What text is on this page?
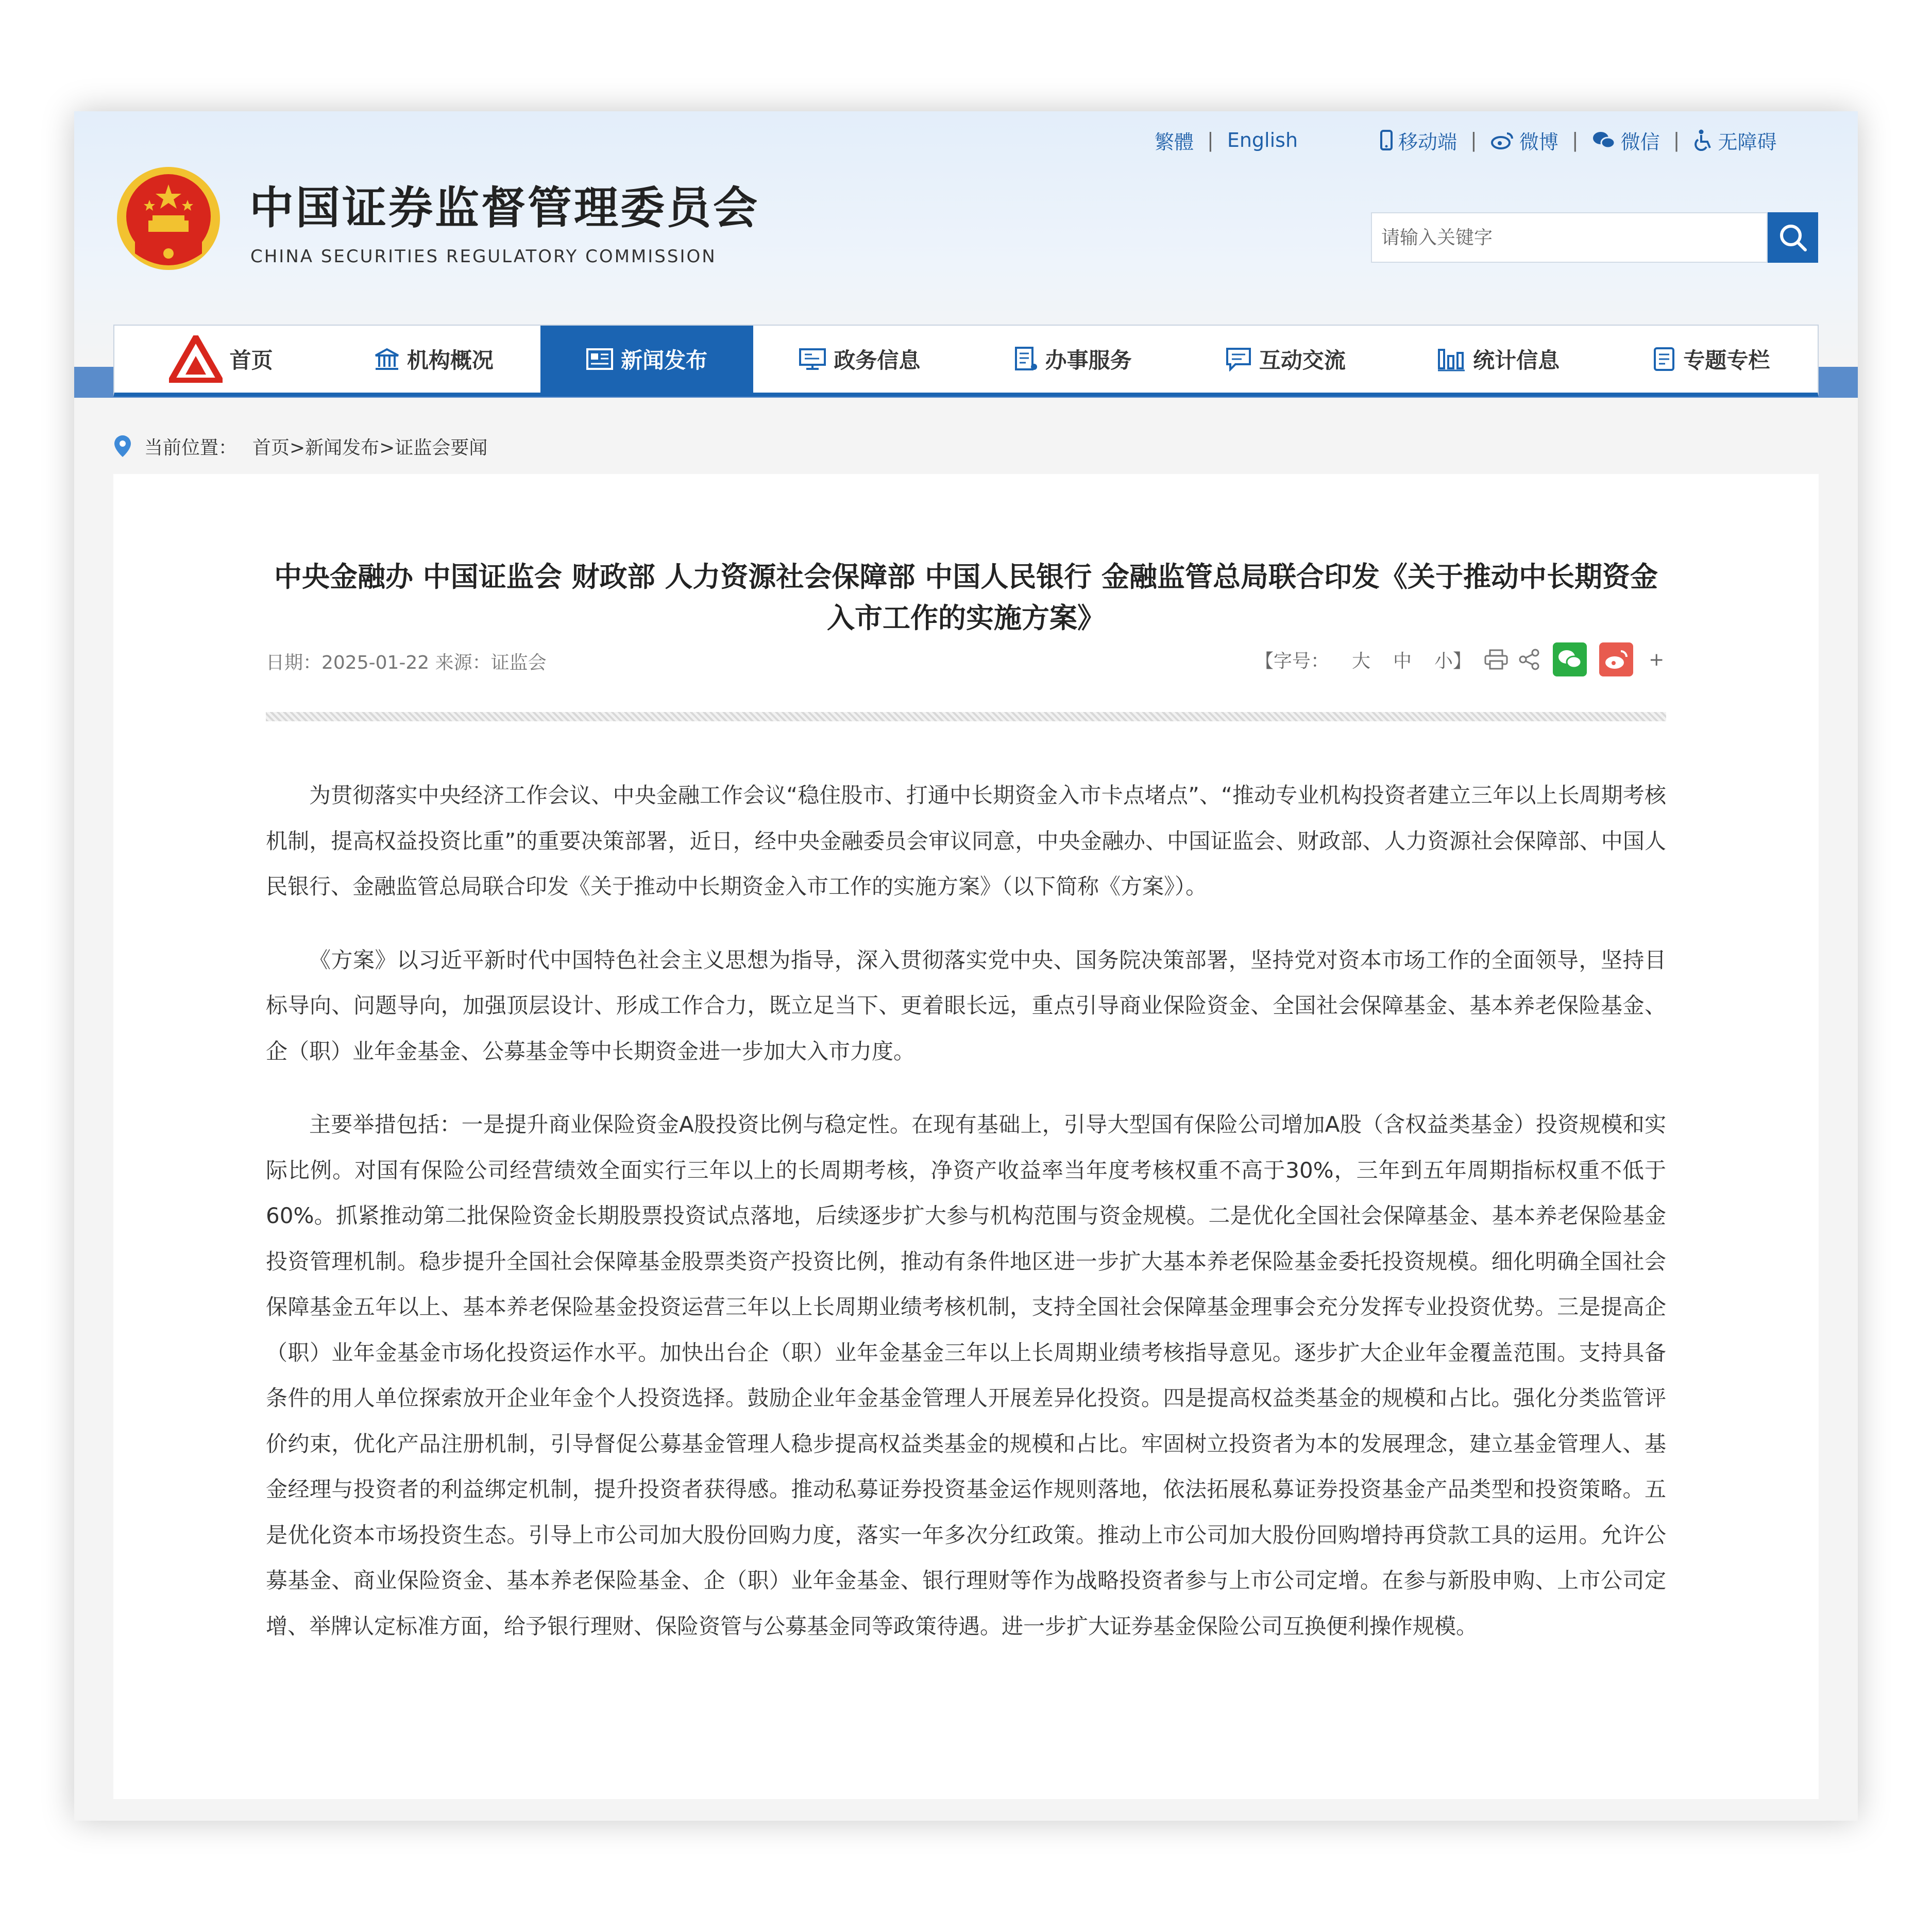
繁體 | English	移动端 | 微博 | 微信 | 无障碍
中国证券监督管理委员会
CHINA SECURITIES REGULATORY COMMISSION
请输入关键字
首页	机构概况	新闻发布	政务信息	办事服务	互动交流	统计信息	专题专栏
当前位置： 首页>新闻发布>证监会要闻
中央金融办 中国证监会 财政部 人力资源社会保障部 中国人民银行 金融监管总局联合印发《关于推动中长期资金入市工作的实施方案》
日期：2025-01-22 来源：证监会	【字号： 大 中 小】	+

为贯彻落实中央经济工作会议、中央金融工作会议“稳住股市、打通中长期资金入市卡点堵点”、“推动专业机构投资者建立三年以上长周期考核机制，提高权益投资比重”的重要决策部署，近日，经中央金融委员会审议同意，中央金融办、中国证监会、财政部、人力资源社会保障部、中国人民银行、金融监管总局联合印发《关于推动中长期资金入市工作的实施方案》（以下简称《方案》）。

《方案》以习近平新时代中国特色社会主义思想为指导，深入贯彻落实党中央、国务院决策部署，坚持党对资本市场工作的全面领导，坚持目标导向、问题导向，加强顶层设计、形成工作合力，既立足当下、更着眼长远，重点引导商业保险资金、全国社会保障基金、基本养老保险基金、企（职）业年金基金、公募基金等中长期资金进一步加大入市力度。

主要举措包括：一是提升商业保险资金A股投资比例与稳定性。在现有基础上，引导大型国有保险公司增加A股（含权益类基金）投资规模和实际比例。对国有保险公司经营绩效全面实行三年以上的长周期考核，净资产收益率当年度考核权重不高于30%，三年到五年周期指标权重不低于60%。抓紧推动第二批保险资金长期股票投资试点落地，后续逐步扩大参与机构范围与资金规模。二是优化全国社会保障基金、基本养老保险基金投资管理机制。稳步提升全国社会保障基金股票类资产投资比例，推动有条件地区进一步扩大基本养老保险基金委托投资规模。细化明确全国社会保障基金五年以上、基本养老保险基金投资运营三年以上长周期业绩考核机制，支持全国社会保障基金理事会充分发挥专业投资优势。三是提高企（职）业年金基金市场化投资运作水平。加快出台企（职）业年金基金三年以上长周期业绩考核指导意见。逐步扩大企业年金覆盖范围。支持具备条件的用人单位探索放开企业年金个人投资选择。鼓励企业年金基金管理人开展差异化投资。四是提高权益类基金的规模和占比。强化分类监管评价约束，优化产品注册机制，引导督促公募基金管理人稳步提高权益类基金的规模和占比。牢固树立投资者为本的发展理念，建立基金管理人、基金经理与投资者的利益绑定机制，提升投资者获得感。推动私募证券投资基金运作规则落地，依法拓展私募证券投资基金产品类型和投资策略。五是优化资本市场投资生态。引导上市公司加大股份回购力度，落实一年多次分红政策。推动上市公司加大股份回购增持再贷款工具的运用。允许公募基金、商业保险资金、基本养老保险基金、企（职）业年金基金、银行理财等作为战略投资者参与上市公司定增。在参与新股申购、上市公司定增、举牌认定标准方面，给予银行理财、保险资管与公募基金同等政策待遇。进一步扩大证券基金保险公司互换便利操作规模。
